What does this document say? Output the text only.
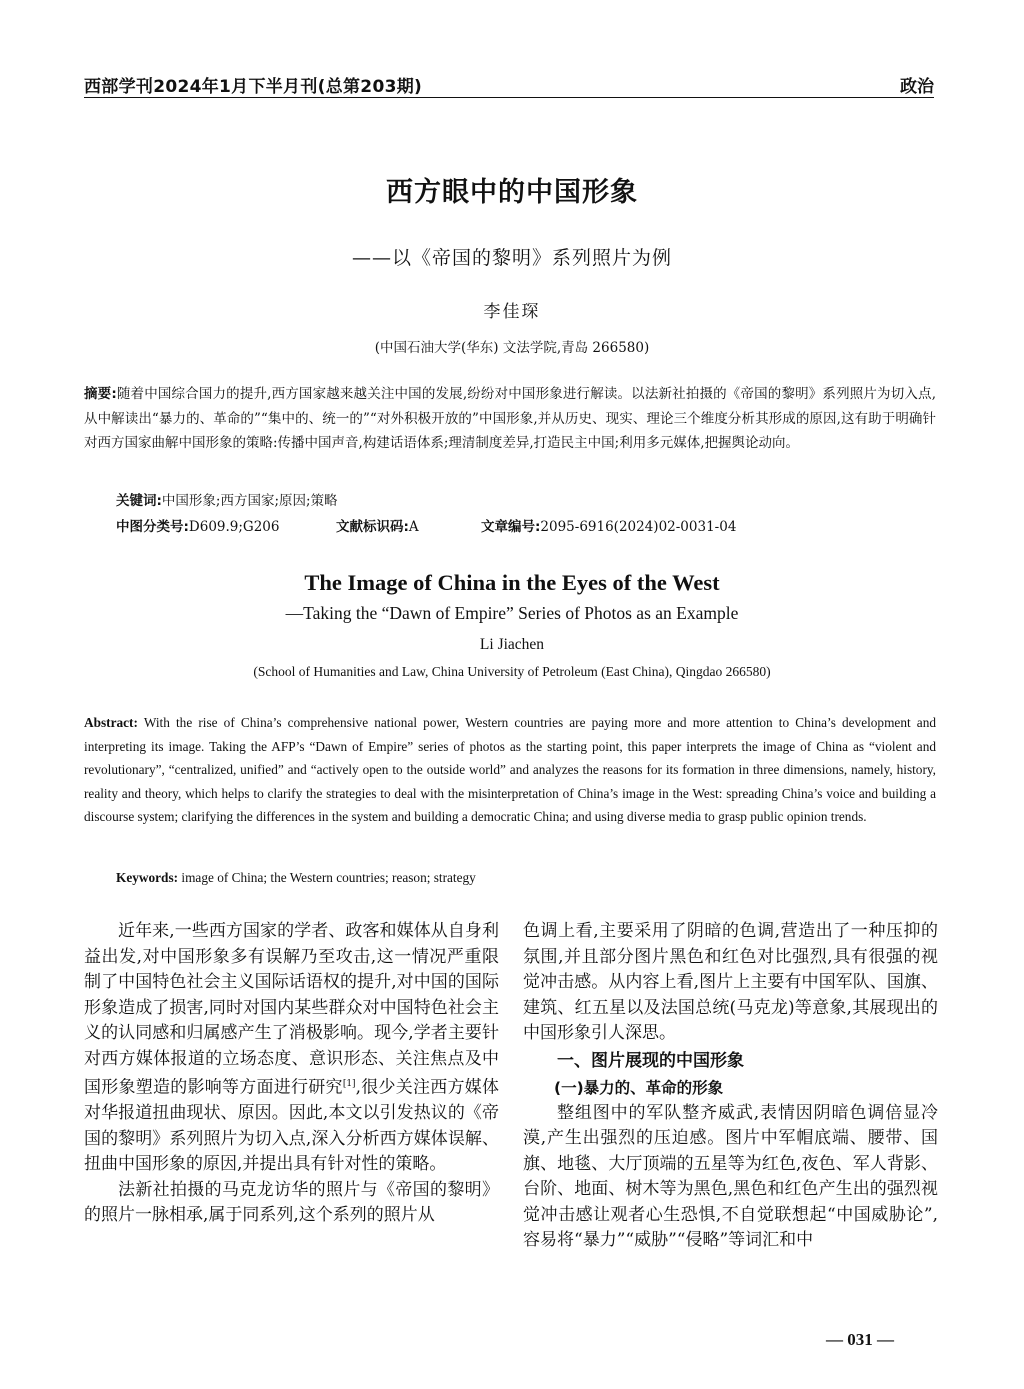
西部学刊2024年1月下半月刊(总第203期)	政治
西方眼中的中国形象
——以《帝国的黎明》系列照片为例
李佳琛
(中国石油大学(华东) 文法学院,青岛 266580)
摘要:随着中国综合国力的提升,西方国家越来越关注中国的发展,纷纷对中国形象进行解读。以法新社拍摄的《帝国的黎明》系列照片为切入点,从中解读出“暴力的、革命的”“集中的、统一的”“对外积极开放的”中国形象,并从历史、现实、理论三个维度分析其形成的原因,这有助于明确针对西方国家曲解中国形象的策略:传播中国声音,构建话语体系;理清制度差异,打造民主中国;利用多元媒体,把握舆论动向。
关键词:中国形象;西方国家;原因;策略
中图分类号:D609.9;G206	文献标识码:A	文章编号:2095-6916(2024)02-0031-04
The Image of China in the Eyes of the West
—Taking the “Dawn of Empire” Series of Photos as an Example
Li Jiachen
(School of Humanities and Law, China University of Petroleum (East China), Qingdao 266580)
Abstract: With the rise of China’s comprehensive national power, Western countries are paying more and more attention to China’s development and interpreting its image. Taking the AFP’s “Dawn of Empire” series of photos as the starting point, this paper interprets the image of China as “violent and revolutionary”, “centralized, unified” and “actively open to the outside world” and analyzes the reasons for its formation in three dimensions, namely, history, reality and theory, which helps to clarify the strategies to deal with the misinterpretation of China’s image in the West: spreading China’s voice and building a discourse system; clarifying the differences in the system and building a democratic China; and using diverse media to grasp public opinion trends.
Keywords: image of China; the Western countries; reason; strategy

近年来,一些西方国家的学者、政客和媒体从自身利益出发,对中国形象多有误解乃至攻击,这一情况严重限制了中国特色社会主义国际话语权的提升,对中国的国际形象造成了损害,同时对国内某些群众对中国特色社会主义的认同感和归属感产生了消极影响。现今,学者主要针对西方媒体报道的立场态度、意识形态、关注焦点及中国形象塑造的影响等方面进行研究[1],很少关注西方媒体对华报道扭曲现状、原因。因此,本文以引发热议的《帝国的黎明》系列照片为切入点,深入分析西方媒体误解、扭曲中国形象的原因,并提出具有针对性的策略。

法新社拍摄的马克龙访华的照片与《帝国的黎明》的照片一脉相承,属于同系列,这个系列的照片从

色调上看,主要采用了阴暗的色调,营造出了一种压抑的氛围,并且部分图片黑色和红色对比强烈,具有很强的视觉冲击感。从内容上看,图片上主要有中国军队、国旗、建筑、红五星以及法国总统(马克龙)等意象,其展现出的中国形象引人深思。

一、图片展现的中国形象
(一)暴力的、革命的形象

整组图中的军队整齐威武,表情因阴暗色调倍显冷漠,产生出强烈的压迫感。图片中军帽底端、腰带、国旗、地毯、大厅顶端的五星等为红色,夜色、军人背影、台阶、地面、树木等为黑色,黑色和红色产生出的强烈视觉冲击感让观者心生恐惧,不自觉联想起“中国威胁论”,容易将“暴力”“威胁”“侵略”等词汇和中

— 031 —
